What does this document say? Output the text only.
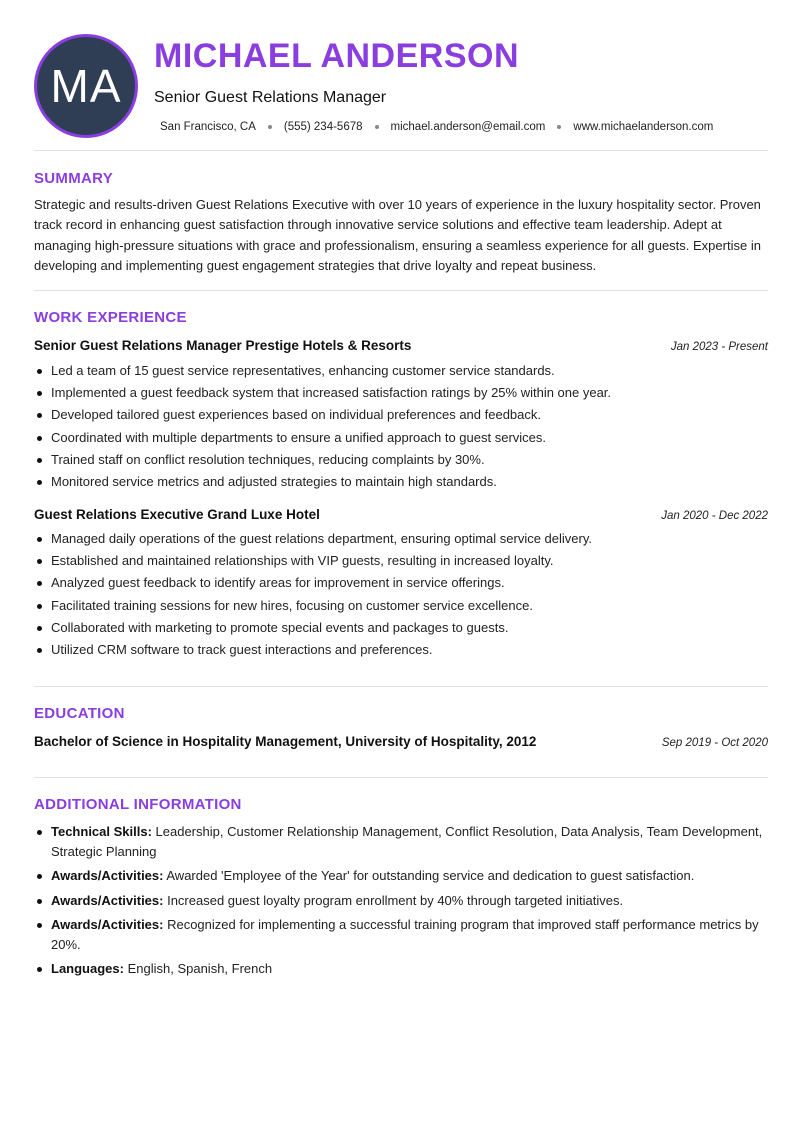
MA
MICHAEL ANDERSON
Senior Guest Relations Manager
San Francisco, CA (555) 234-5678 michael.anderson@email.com www.michaelanderson.com
SUMMARY

Strategic and results-driven Guest Relations Executive with over 10 years of experience in the luxury hospitality sector. Proven track record in enhancing guest satisfaction through innovative service solutions and effective team leadership. Adept at managing high-pressure situations with grace and professionalism, ensuring a seamless experience for all guests. Expertise in developing and implementing guest engagement strategies that drive loyalty and repeat business.

WORK EXPERIENCE
Senior Guest Relations Manager Prestige Hotels & Resorts	Jan 2023 - Present
Led a team of 15 guest service representatives, enhancing customer service standards.
Implemented a guest feedback system that increased satisfaction ratings by 25% within one year.
Developed tailored guest experiences based on individual preferences and feedback.
Coordinated with multiple departments to ensure a unified approach to guest services.
Trained staff on conflict resolution techniques, reducing complaints by 30%.
Monitored service metrics and adjusted strategies to maintain high standards.
Guest Relations Executive Grand Luxe Hotel	Jan 2020 - Dec 2022
Managed daily operations of the guest relations department, ensuring optimal service delivery.
Established and maintained relationships with VIP guests, resulting in increased loyalty.
Analyzed guest feedback to identify areas for improvement in service offerings.
Facilitated training sessions for new hires, focusing on customer service excellence.
Collaborated with marketing to promote special events and packages to guests.
Utilized CRM software to track guest interactions and preferences.
EDUCATION
Bachelor of Science in Hospitality Management, University of Hospitality, 2012	Sep 2019 - Oct 2020
ADDITIONAL INFORMATION
Technical Skills: Leadership, Customer Relationship Management, Conflict Resolution, Data Analysis, Team Development, Strategic Planning
Awards/Activities: Awarded 'Employee of the Year' for outstanding service and dedication to guest satisfaction.
Awards/Activities: Increased guest loyalty program enrollment by 40% through targeted initiatives.
Awards/Activities: Recognized for implementing a successful training program that improved staff performance metrics by 20%.
Languages: English, Spanish, French
